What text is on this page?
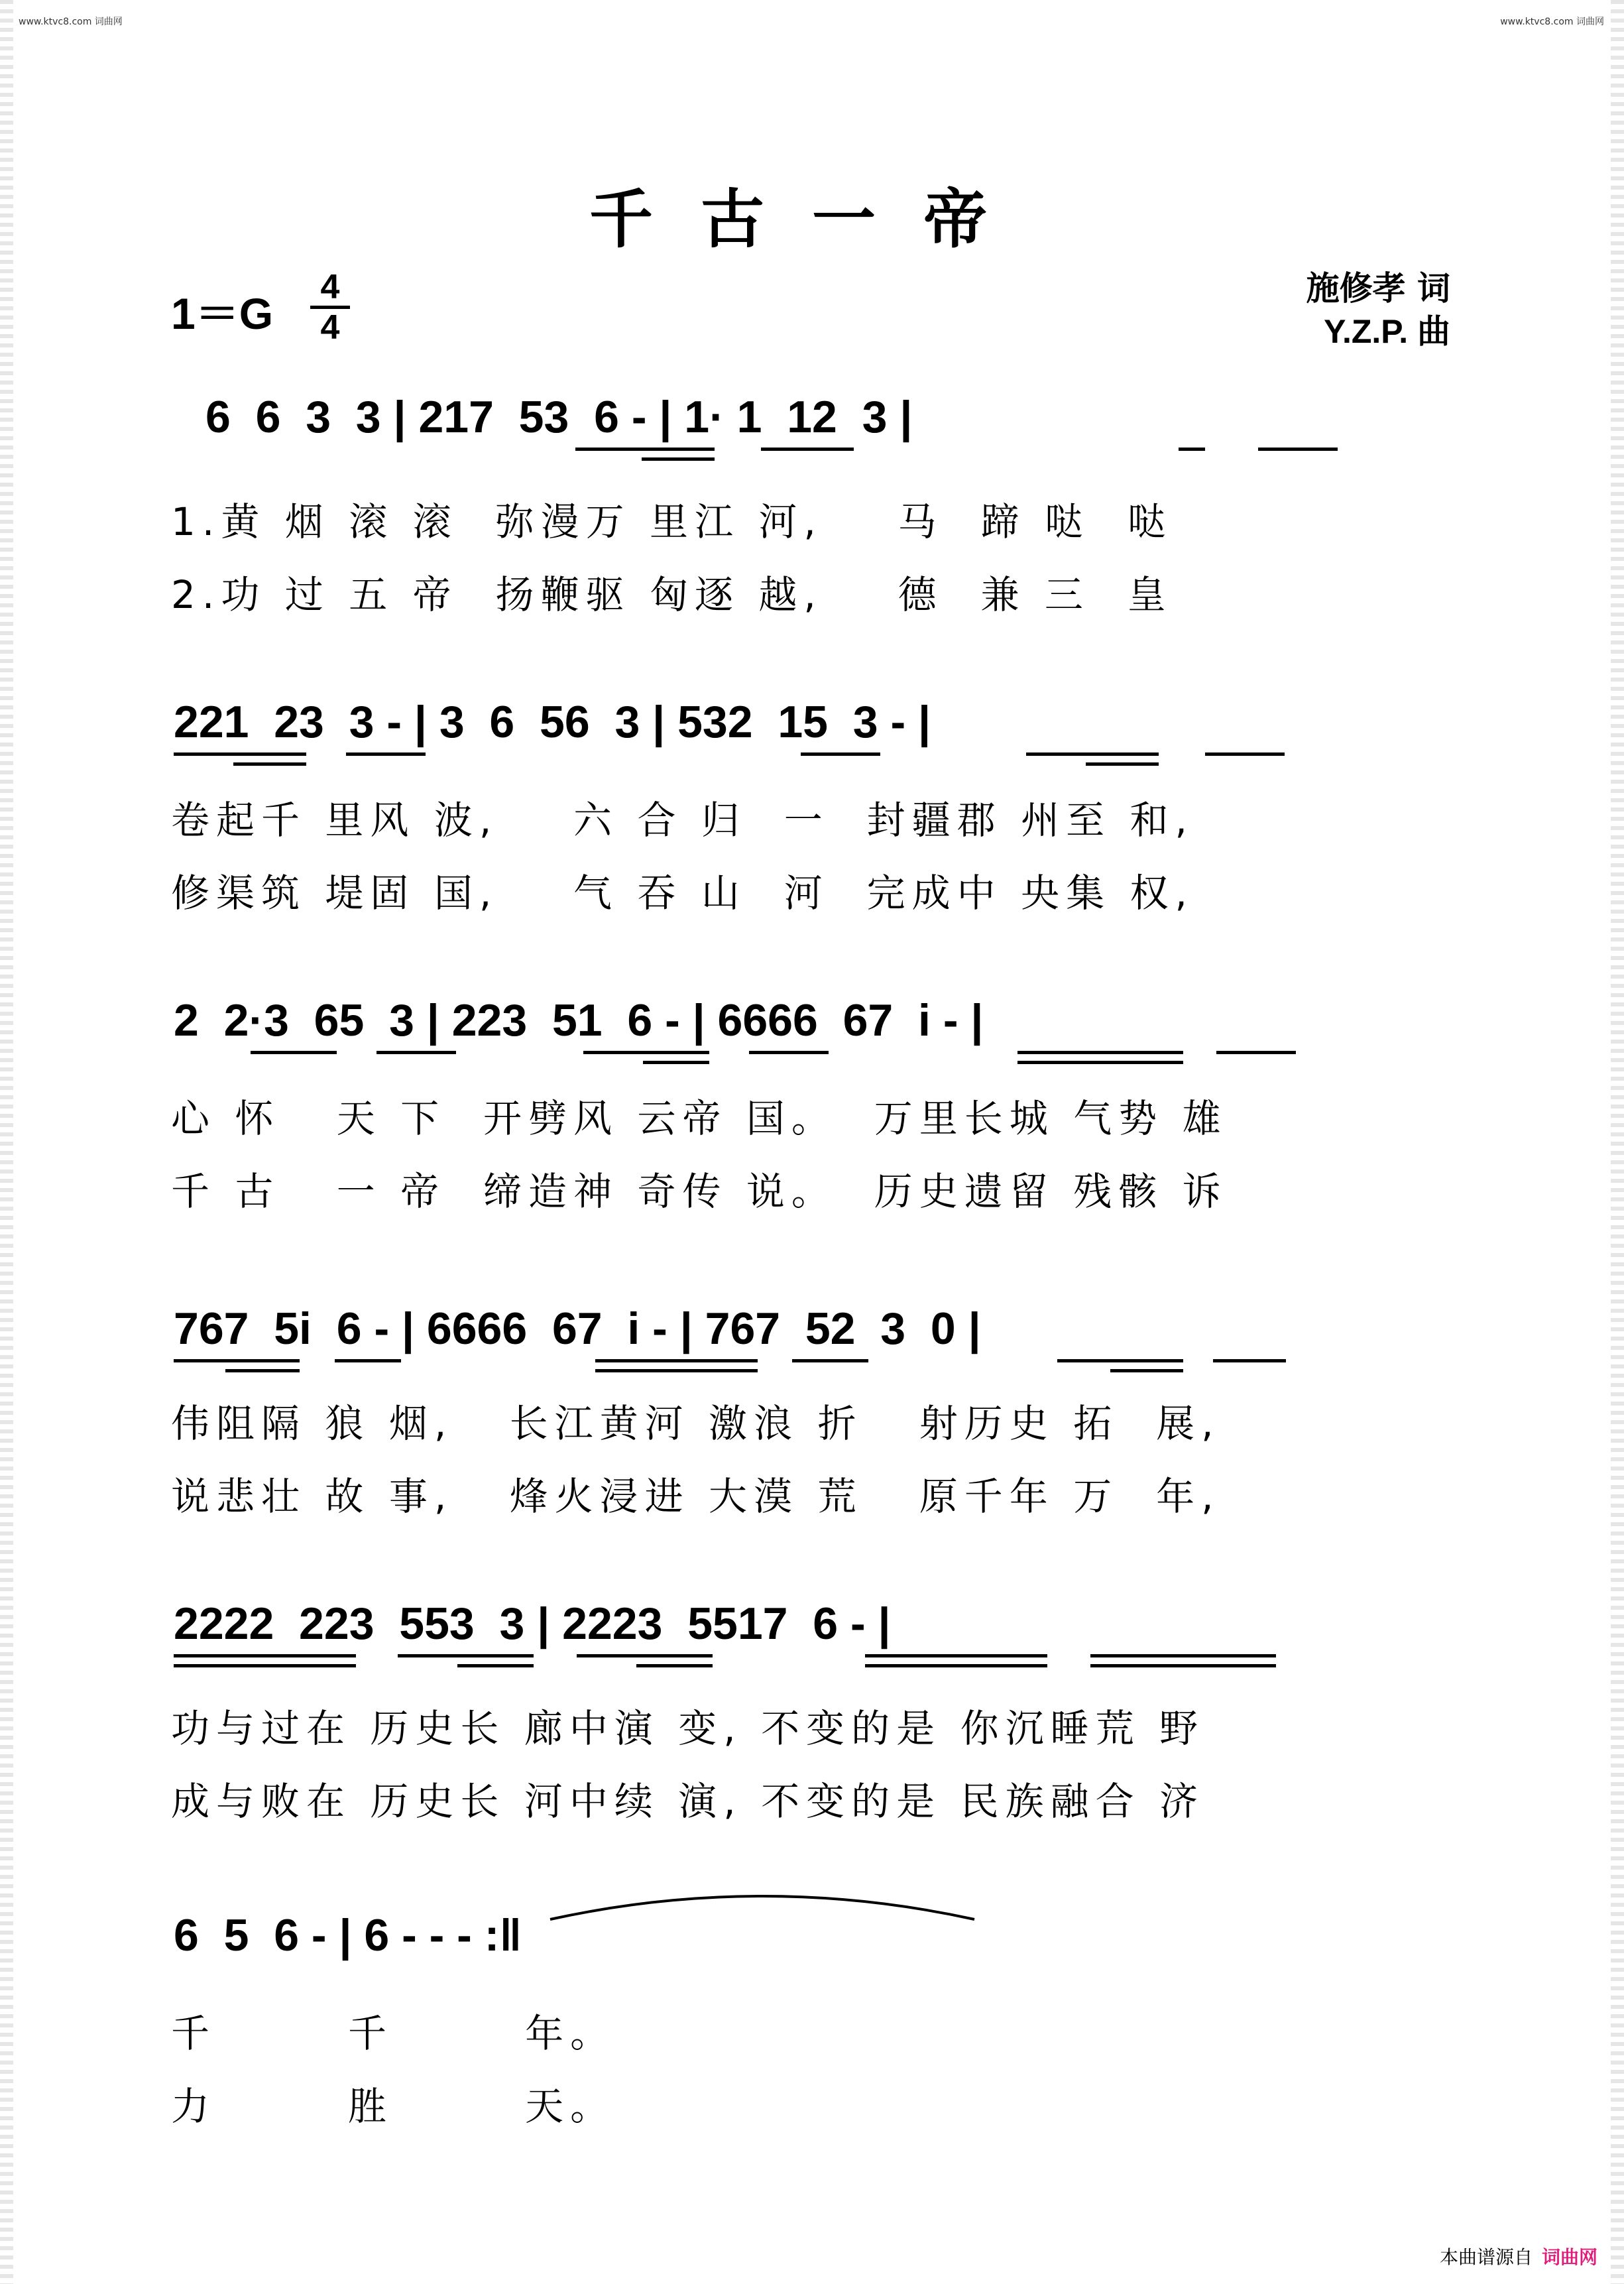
www.ktvc8.com 词曲网	www.ktvc8.com 词曲网
千古一帝
1＝G
4
4
施修孝 词
Y.Z.P. 曲
6  6  3  3 | 217  53  6 - | 1· 1  12  3 |
1.黄 烟 滚 滚  弥漫万 里江 河,    马  蹄 哒  哒
2.功 过 五 帝  扬鞭驱 匈逐 越,    德  兼 三  皇
221  23  3 - | 3  6  56  3 | 532  15  3 - |
卷起千 里风 波,    六 合 归  一  封疆郡 州至 和,
修渠筑 堤固 国,    气 吞 山  河  完成中 央集 权,
2  2·3  65  3 | 223  51  6 - | 6666  67  i - |
心 怀   天 下  开劈风 云帝 国。  万里长城 气势 雄
千 古   一 帝  缔造神 奇传 说。  历史遗留 残骸 诉
767  5i  6 - | 6666  67  i - | 767  52  3  0 |
伟阻隔 狼 烟,   长江黄河 激浪 折   射历史 拓  展,
说悲壮 故 事,   烽火浸进 大漠 荒   原千年 万  年,
2222  223  553  3 | 2223  5517  6 - |
功与过在 历史长 廊中演 变, 不变的是 你沉睡荒 野
成与败在 历史长 河中续 演, 不变的是 民族融合 济
6  5  6 - | 6 - - - :‖
千       千       年。
力       胜       天。
本曲谱源自 词曲网
